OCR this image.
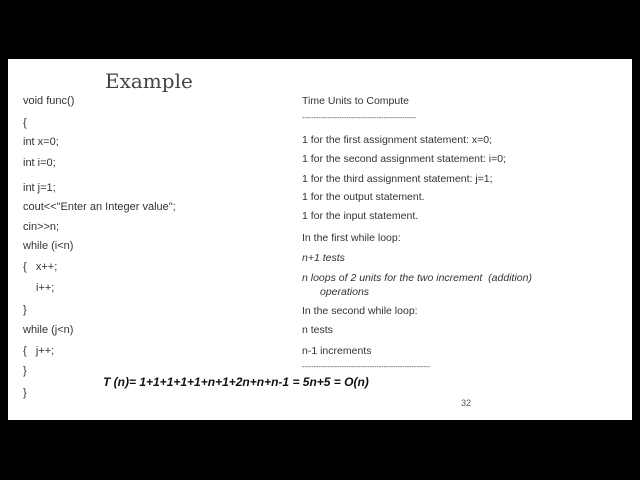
Example
void func()
{
int x=0;
int i=0;
int j=1;
cout<<"Enter an Integer value";
cin>>n;
while (i<n)
{   x++;
i++;
}
while (j<n)
{   j++;
}
}
Time Units to Compute
-------------------------------------------------
1 for the first assignment statement: x=0;
1 for the second assignment statement: i=0;
1 for the third assignment statement: j=1;
1 for the output statement.
1 for the input statement.
In the first while loop:
n+1 tests
n loops of 2 units for the two increment  (addition)
operations
In the second while loop:
n tests
n-1 increments
-------------------------------------------------------
T (n)= 1+1+1+1+1+n+1+2n+n+n-1 = 5n+5 = O(n)
32
